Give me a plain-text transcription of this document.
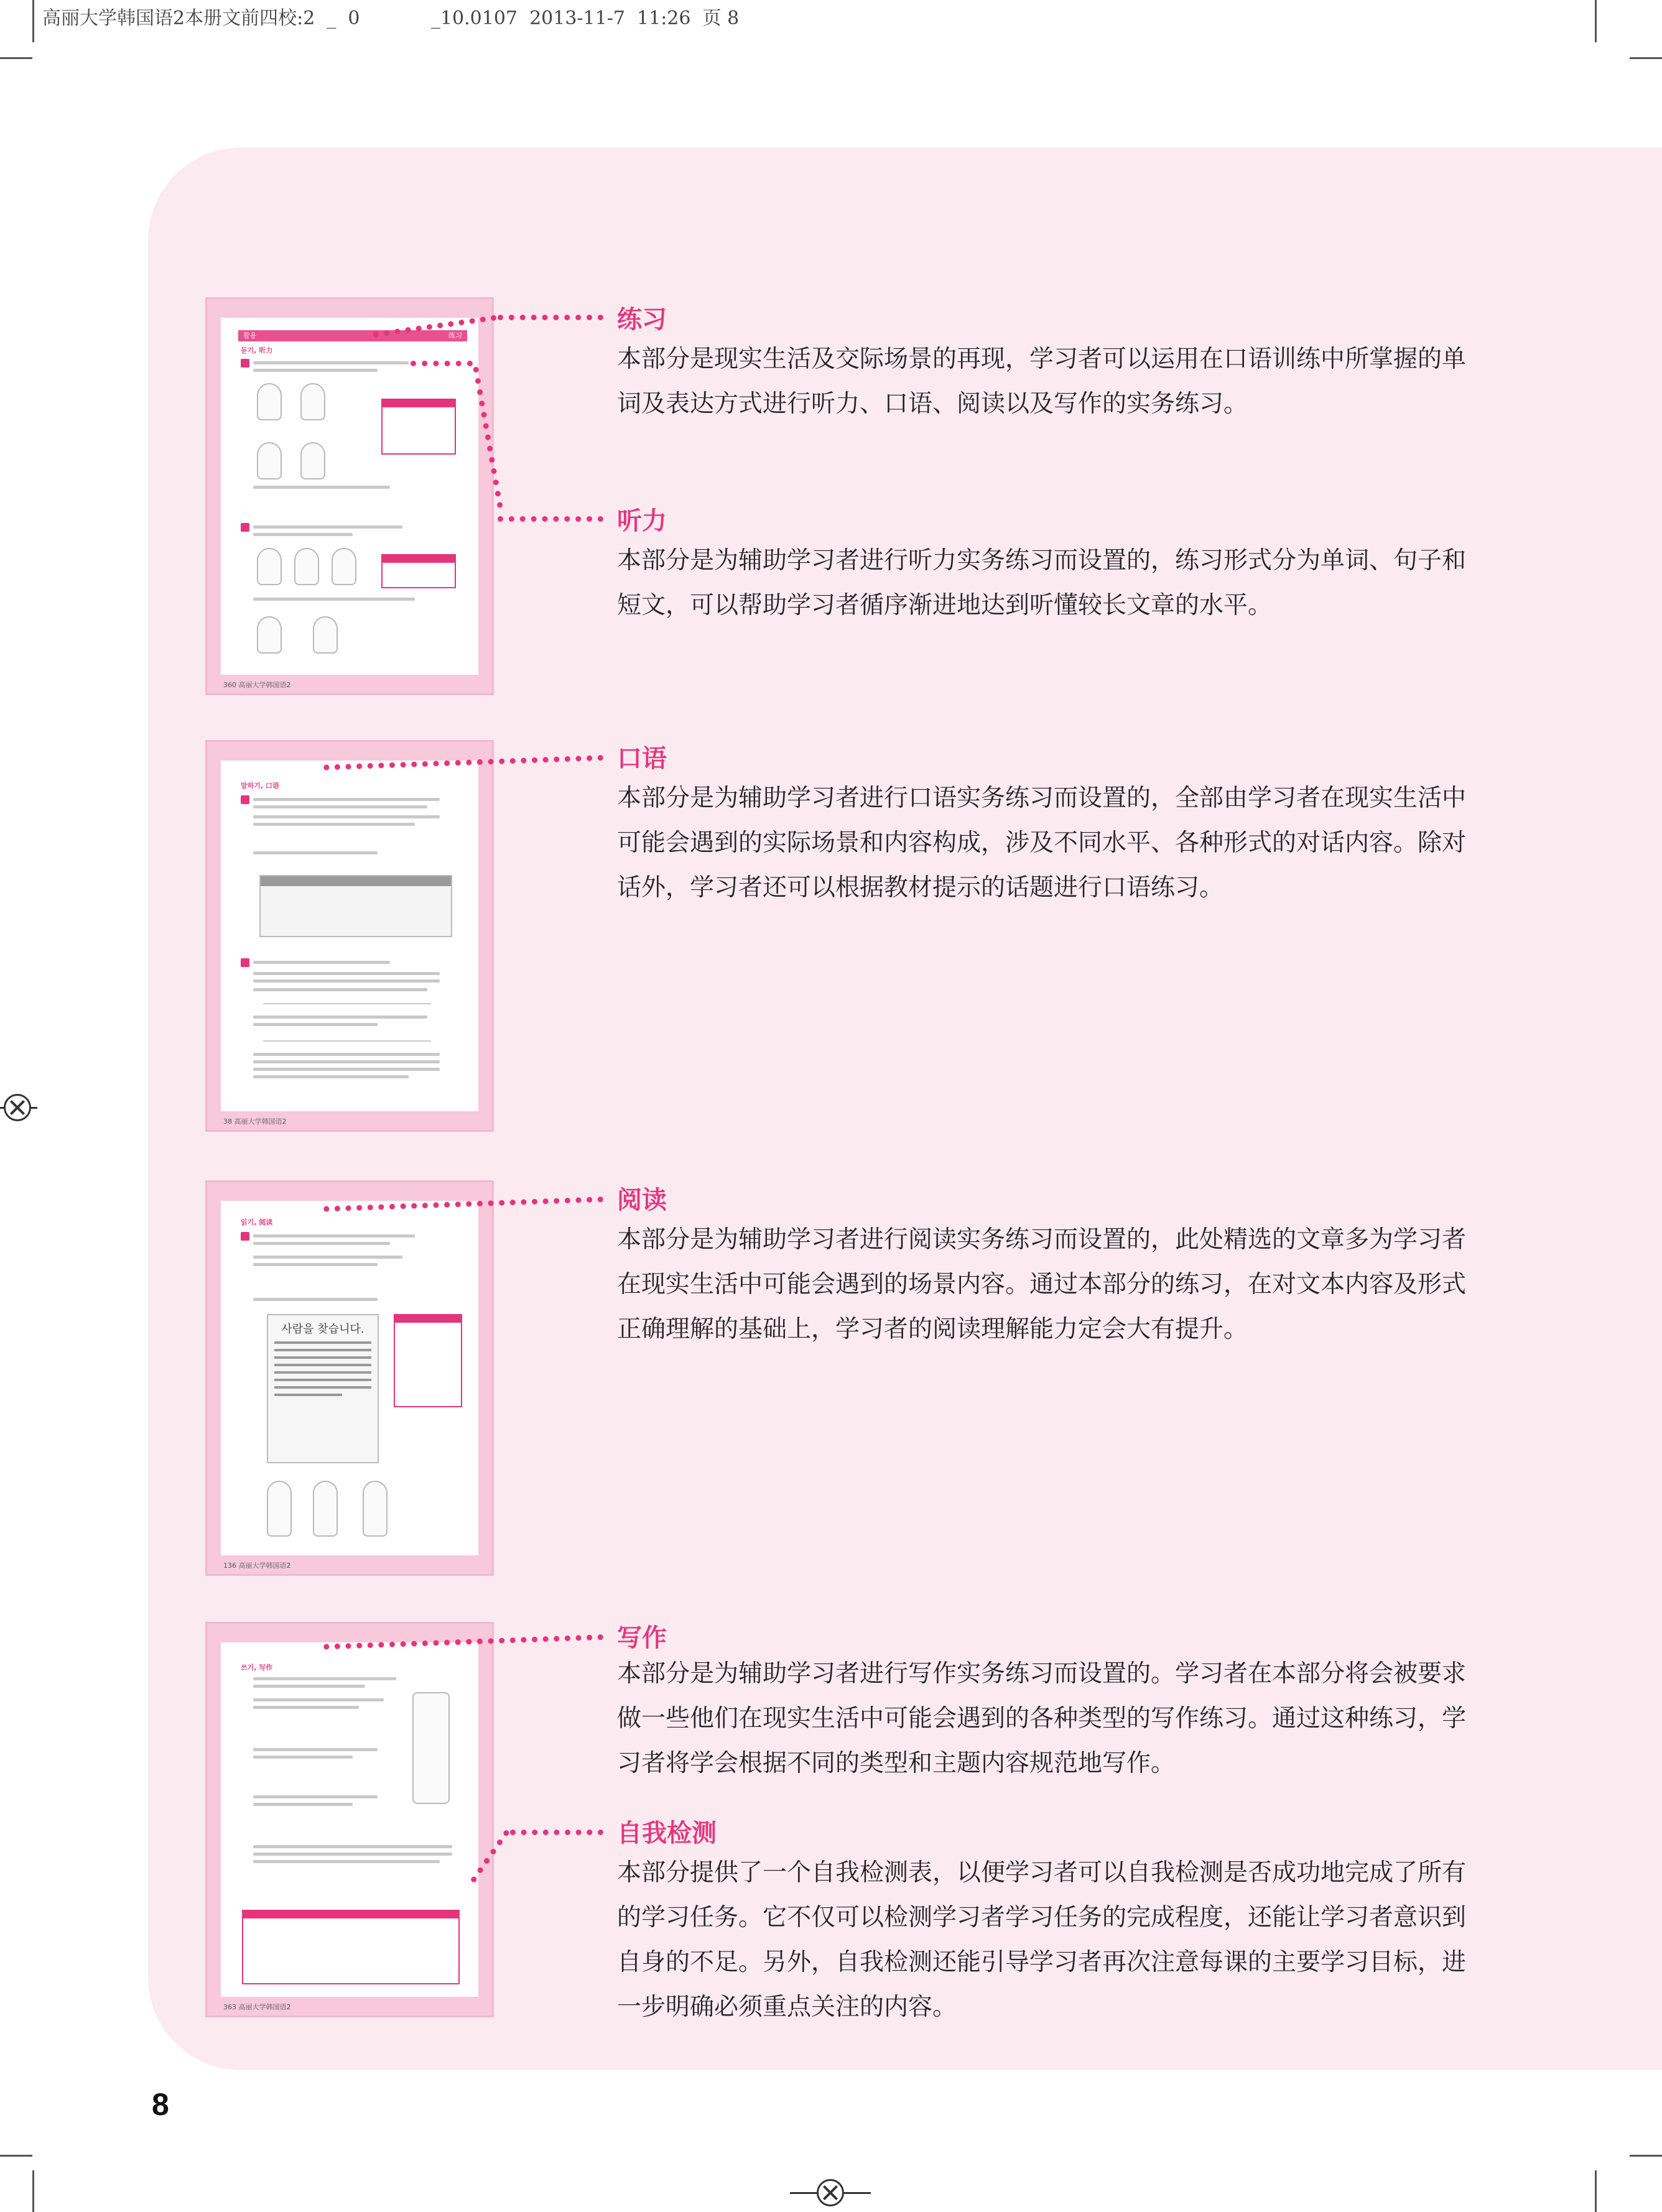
高丽大学韩国语2本册文前四校:2  _  0            _10.0107  2013-11-7  11:26  页 8
활용	练习
듣기, 听力
360 高丽大学韩国语2
말하기, 口语
38 高丽大学韩国语2
읽기, 阅读
사람을 찾습니다.
136 高丽大学韩国语2
쓰기, 写作
363 高丽大学韩国语2
练习
本部分是现实生活及交际场景的再现，学习者可以运用在口语训练中所掌握的单词及表达方式进行听力、口语、阅读以及写作的实务练习。
听力
本部分是为辅助学习者进行听力实务练习而设置的，练习形式分为单词、句子和短文，可以帮助学习者循序渐进地达到听懂较长文章的水平。
口语
本部分是为辅助学习者进行口语实务练习而设置的，全部由学习者在现实生活中可能会遇到的实际场景和内容构成，涉及不同水平、各种形式的对话内容。除对话外，学习者还可以根据教材提示的话题进行口语练习。
阅读
本部分是为辅助学习者进行阅读实务练习而设置的，此处精选的文章多为学习者在现实生活中可能会遇到的场景内容。通过本部分的练习，在对文本内容及形式正确理解的基础上，学习者的阅读理解能力定会大有提升。
写作
本部分是为辅助学习者进行写作实务练习而设置的。学习者在本部分将会被要求做一些他们在现实生活中可能会遇到的各种类型的写作练习。通过这种练习，学习者将学会根据不同的类型和主题内容规范地写作。
自我检测
本部分提供了一个自我检测表，以便学习者可以自我检测是否成功地完成了所有的学习任务。它不仅可以检测学习者学习任务的完成程度，还能让学习者意识到自身的不足。另外，自我检测还能引导学习者再次注意每课的主要学习目标，进一步明确必须重点关注的内容。
8
